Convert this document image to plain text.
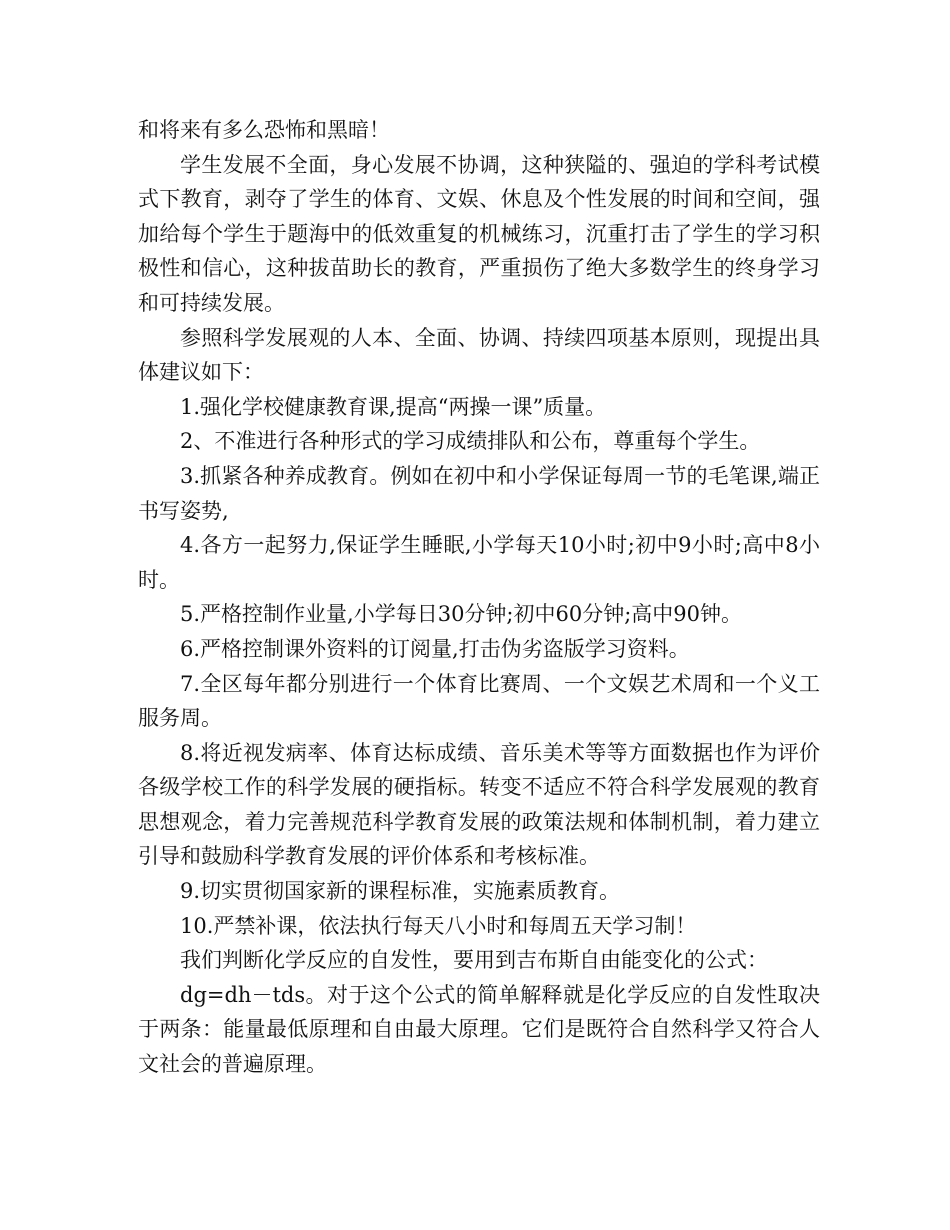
和将来有多么恐怖和黑暗！

学生发展不全面，身心发展不协调，这种狭隘的、强迫的学科考试模式下教育，剥夺了学生的体育、文娱、休息及个性发展的时间和空间，强加给每个学生于题海中的低效重复的机械练习，沉重打击了学生的学习积极性和信心，这种拔苗助长的教育，严重损伤了绝大多数学生的终身学习和可持续发展。

参照科学发展观的人本、全面、协调、持续四项基本原则，现提出具体建议如下：

1.强化学校健康教育课,提高“两操一课”质量。

2、不准进行各种形式的学习成绩排队和公布，尊重每个学生。

3.抓紧各种养成教育。例如在初中和小学保证每周一节的毛笔课,端正书写姿势,

4.各方一起努力,保证学生睡眠,小学每天10小时;初中9小时;高中8小时。

5.严格控制作业量,小学每日30分钟;初中60分钟;高中90钟。

6.严格控制课外资料的订阅量,打击伪劣盗版学习资料。

7.全区每年都分别进行一个体育比赛周、一个文娱艺术周和一个义工服务周。

8.将近视发病率、体育达标成绩、音乐美术等等方面数据也作为评价各级学校工作的科学发展的硬指标。转变不适应不符合科学发展观的教育思想观念，着力完善规范科学教育发展的政策法规和体制机制，着力建立引导和鼓励科学教育发展的评价体系和考核标准。

9.切实贯彻国家新的课程标准，实施素质教育。

10.严禁补课，依法执行每天八小时和每周五天学习制！

我们判断化学反应的自发性，要用到吉布斯自由能变化的公式：

dg=dh－tds。对于这个公式的简单解释就是化学反应的自发性取决于两条：能量最低原理和自由最大原理。它们是既符合自然科学又符合人文社会的普遍原理。
